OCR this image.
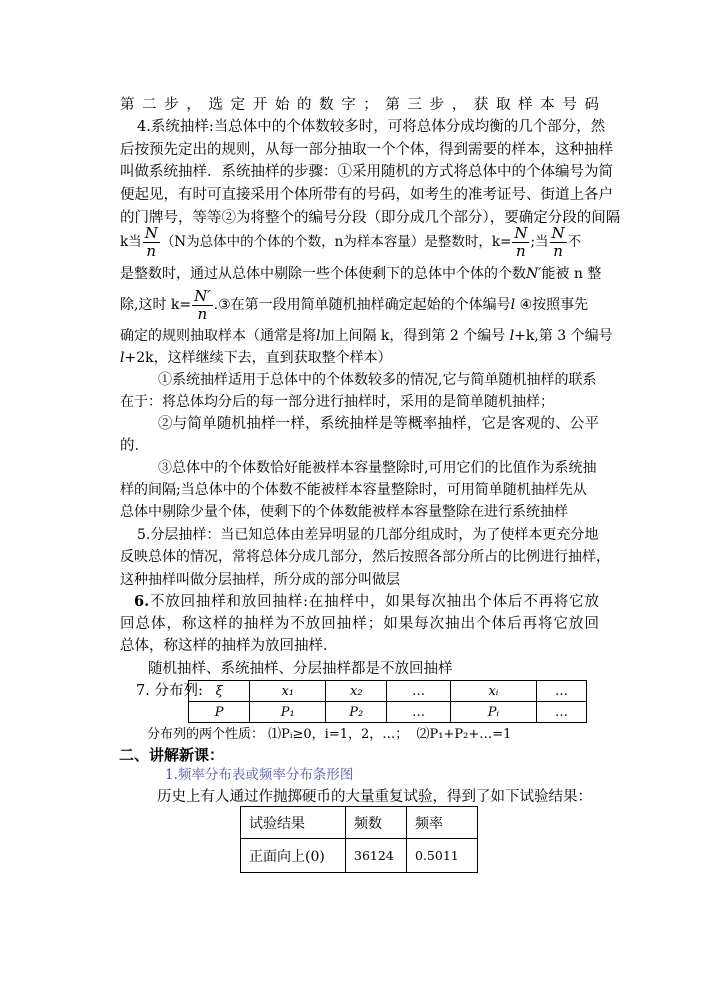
第二步，选定开始的数字；第三步，获取样本号码
4.系统抽样:当总体中的个体数较多时，可将总体分成均衡的几个部分，然
后按预先定出的规则，从每一部分抽取一个个体，得到需要的样本，这种抽样
叫做系统抽样．系统抽样的步骤：①采用随机的方式将总体中的个体编号为简
便起见，有时可直接采用个体所带有的号码，如考生的准考证号、街道上各户
的门牌号，等等②为将整个的编号分段（即分成几个部分），要确定分段的间隔
k当 $\frac{N}{n} (N$为总体中的个体的个数，n为样本容量）是整数时，$k= \frac{N}{n}$ ;当 $\frac{N}{n}$ 不
是整数时，通过从总体中剔除一些个体使剩下的总体中个体的个数N′能被 n 整
除,这时 $k= \frac{N'}{n}$ .③在第一段用简单随机抽样确定起始的个体编号l ④按照事先
确定的规则抽取样本（通常是将l加上间隔 k，得到第 2 个编号 l+k,第 3 个编号
l+2k，这样继续下去，直到获取整个样本）
①系统抽样适用于总体中的个体数较多的情况,它与简单随机抽样的联系
在于：将总体均分后的每一部分进行抽样时，采用的是简单随机抽样；
②与简单随机抽样一样，系统抽样是等概率抽样，它是客观的、公平
的．
③总体中的个体数恰好能被样本容量整除时,可用它们的比值作为系统抽
样的间隔;当总体中的个体数不能被样本容量整除时，可用简单随机抽样先从
总体中剔除少量个体，使剩下的个体数能被样本容量整除在进行系统抽样
5.分层抽样：当已知总体由差异明显的几部分组成时，为了使样本更充分地
反映总体的情况，常将总体分成几部分，然后按照各部分所占的比例进行抽样，
这种抽样叫做分层抽样，所分成的部分叫做层
6.不放回抽样和放回抽样:在抽样中，如果每次抽出个体后不再将它放
回总体，称这样的抽样为不放回抽样；如果每次抽出个体后再将它放回
总体，称这样的抽样为放回抽样．
随机抽样、系统抽样、分层抽样都是不放回抽样
7. 分布列: ξ	x₁	x₂	…	xᵢ	…
P	P₁	P₂	…	Pᵢ	…
分布列的两个性质： ⑴Pᵢ≥0，i=1，2，…； ⑵P₁+P₂+…=1
二、讲解新课：
1.频率分布表或频率分布条形图
历史上有人通过作抛掷硬币的大量重复试验，得到了如下试验结果：
试验结果	频数	频率
正面向上(0)	36124	0.5011
